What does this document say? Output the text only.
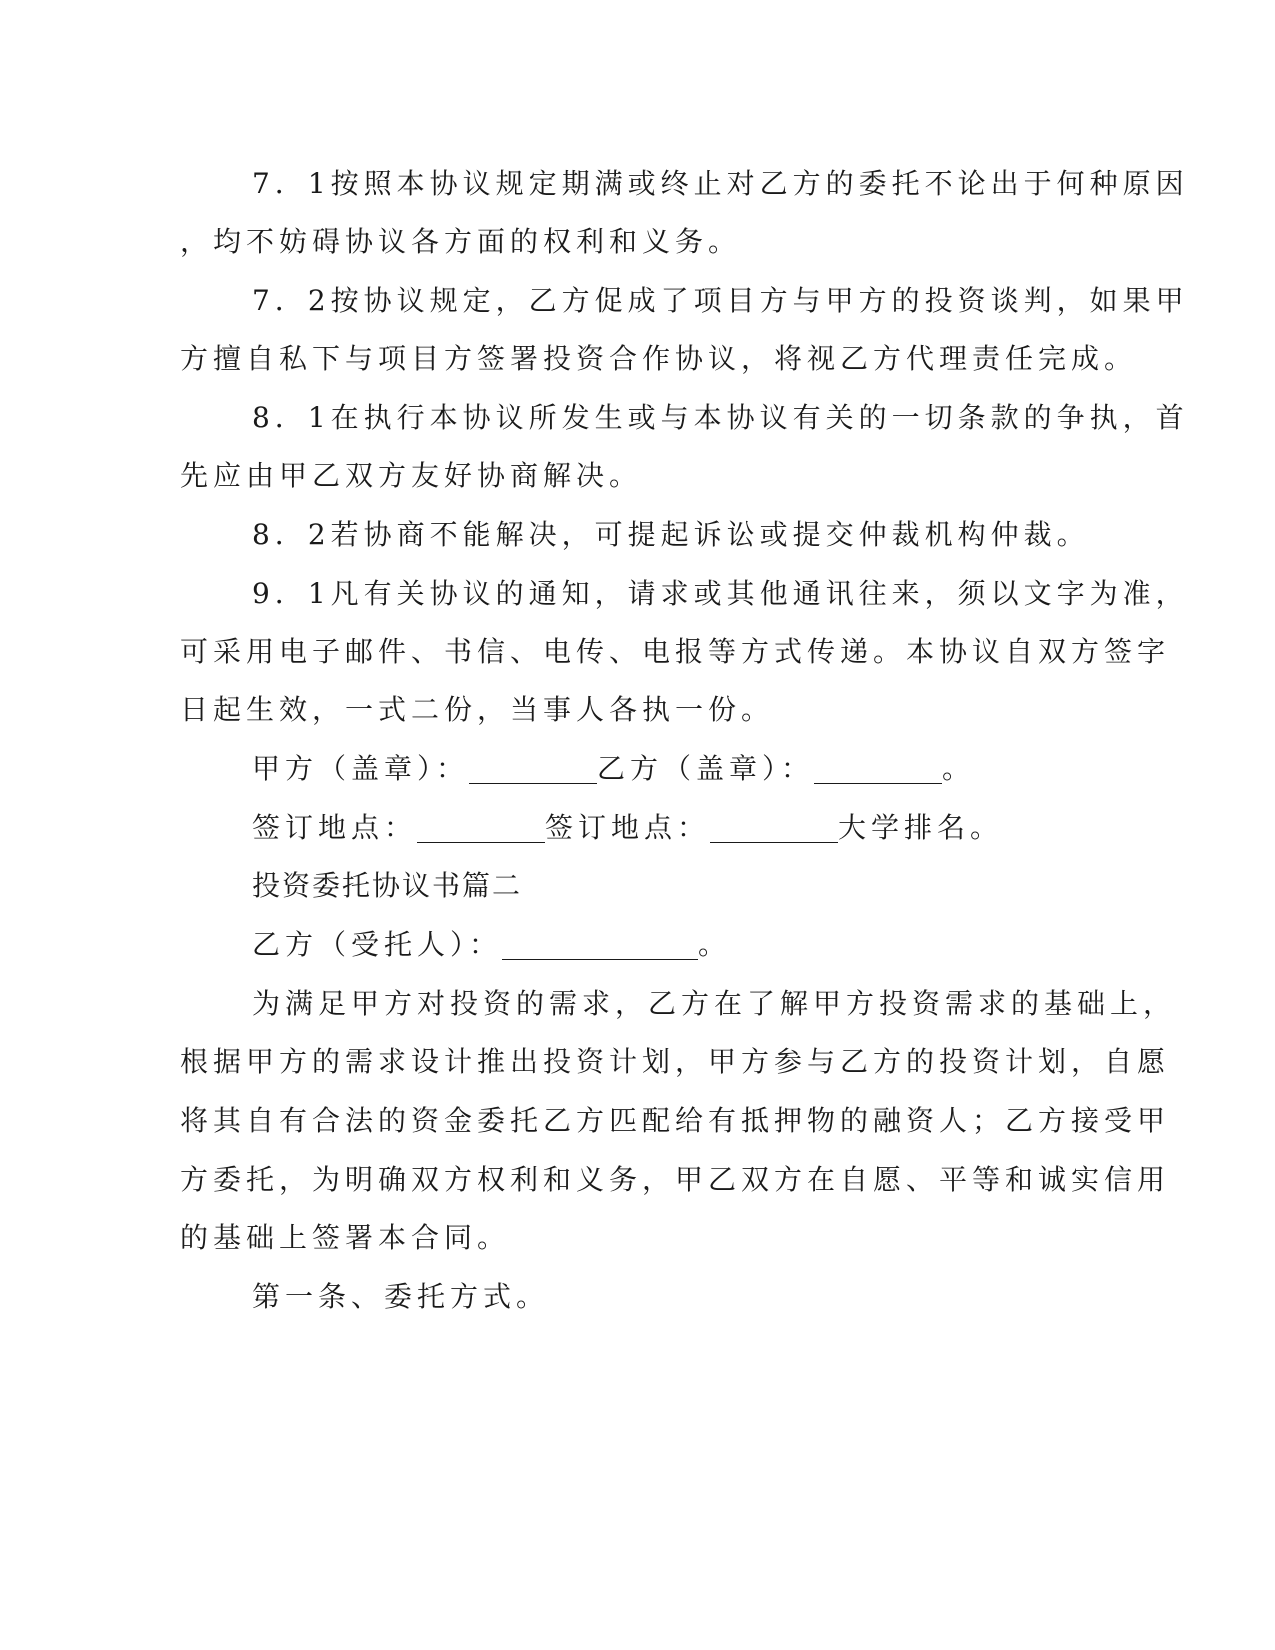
7．1按照本协议规定期满或终止对乙方的委托不论出于何种原因
，均不妨碍协议各方面的权利和义务。
7．2按协议规定，乙方促成了项目方与甲方的投资谈判，如果甲
方擅自私下与项目方签署投资合作协议，将视乙方代理责任完成。
8．1在执行本协议所发生或与本协议有关的一切条款的争执，首
先应由甲乙双方友好协商解决。
8．2若协商不能解决，可提起诉讼或提交仲裁机构仲裁。
9．1凡有关协议的通知，请求或其他通讯往来，须以文字为准，
可采用电子邮件、书信、电传、电报等方式传递。本协议自双方签字
日起生效，一式二份，当事人各执一份。
甲方（盖章）：	乙方（盖章）：	。
签订地点：	签订地点：	大学排名。
投资委托协议书篇二
乙方（受托人）：	。
为满足甲方对投资的需求，乙方在了解甲方投资需求的基础上，
根据甲方的需求设计推出投资计划，甲方参与乙方的投资计划，自愿
将其自有合法的资金委托乙方匹配给有抵押物的融资人；乙方接受甲
方委托，为明确双方权利和义务，甲乙双方在自愿、平等和诚实信用
的基础上签署本合同。
第一条、委托方式。
